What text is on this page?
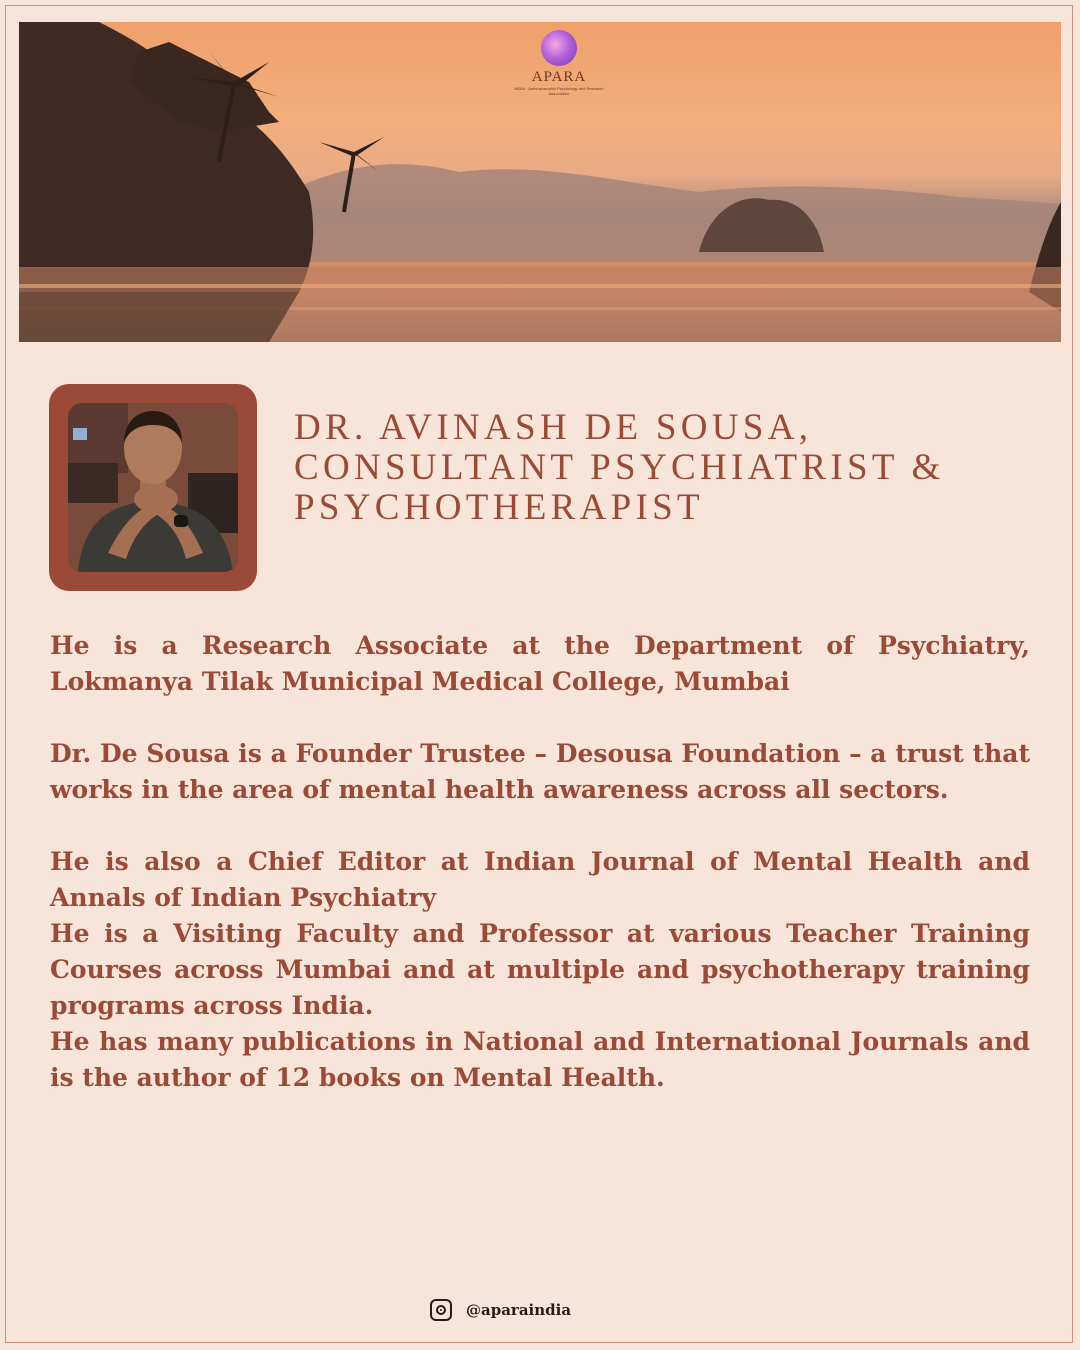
APARA
INDIA · Anthroposophic Psychology and Research Association
DR. AVINASH DE SOUSA, CONSULTANT PSYCHIATRIST & PSYCHOTHERAPIST

He is a Research Associate at the Department of Psychiatry, Lokmanya Tilak Municipal Medical College, Mumbai

Dr. De Sousa is a Founder Trustee – Desousa Foundation – a trust that works in the area of mental health awareness across all sectors.

He is also a Chief Editor at Indian Journal of Mental Health and Annals of Indian Psychiatry

He is a Visiting Faculty and Professor at various Teacher Training Courses across Mumbai and at multiple and psychotherapy training programs across India.

He has many publications in National and International Journals and is the author of 12 books on Mental Health.

@aparaindia
